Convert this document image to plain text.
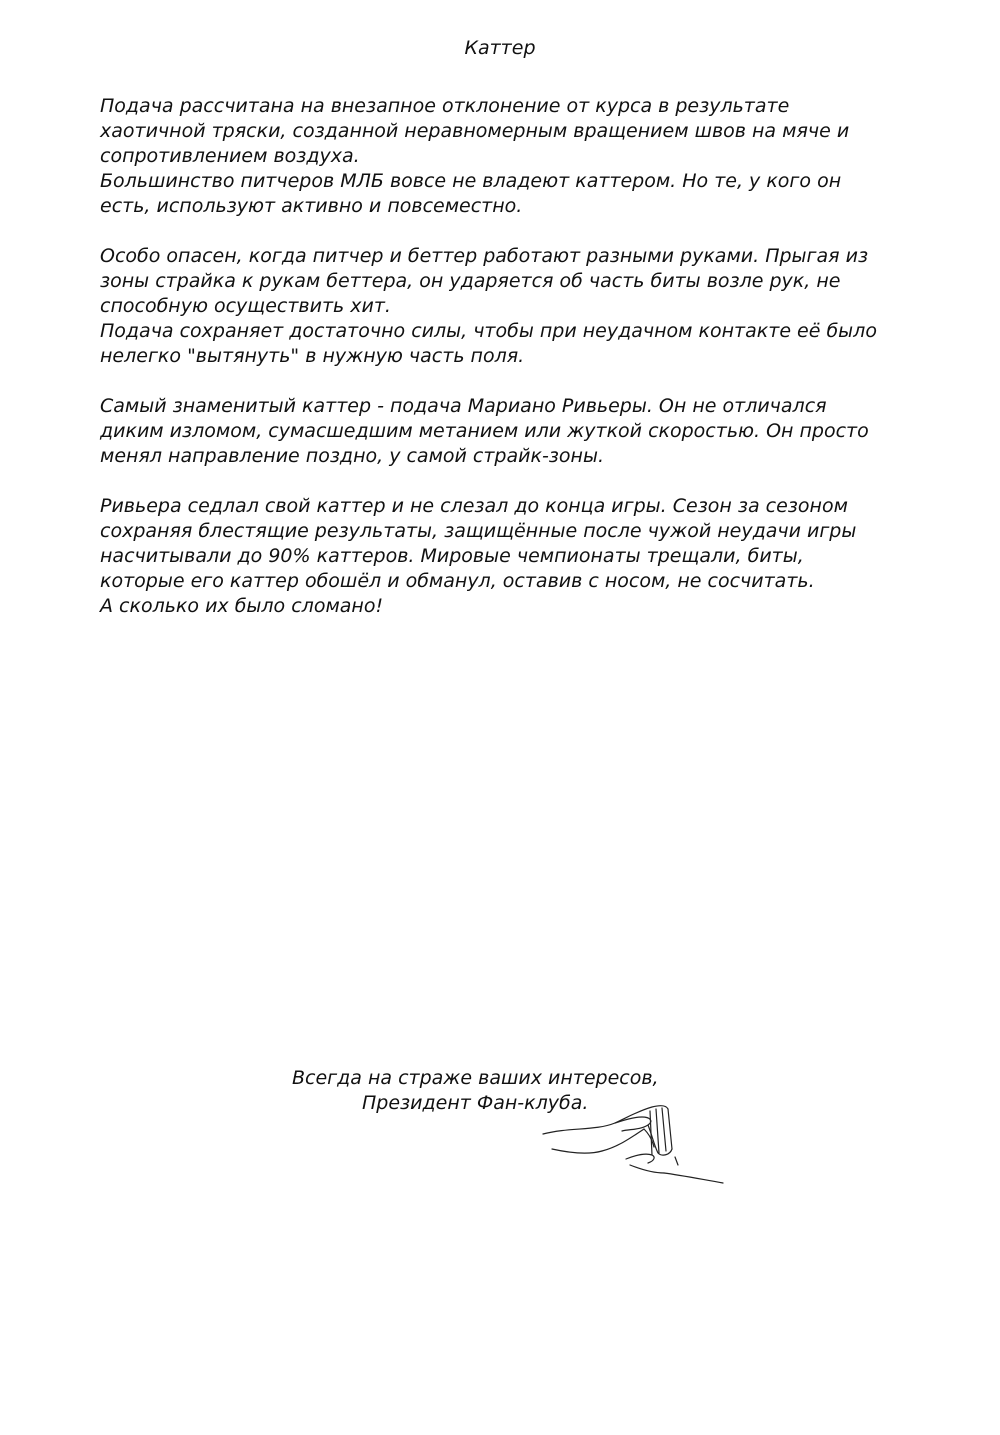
Каттер

Подача рассчитана на внезапное отклонение от курса в результате
хаотичной тряски, созданной неравномерным вращением швов на мяче и
сопротивлением воздуха.
Большинство питчеров МЛБ вовсе не владеют каттером. Но те, у кого он
есть, используют активно и повсеместно.

Особо опасен, когда питчер и беттер работают разными руками. Прыгая из
зоны страйка к рукам беттера, он ударяется об часть биты возле рук, не
способную осуществить хит.
Подача сохраняет достаточно силы, чтобы при неудачном контакте её было
нелегко "вытянуть" в нужную часть поля.

Самый знаменитый каттер - подача Мариано Ривьеры. Он не отличался
диким изломом, сумасшедшим метанием или жуткой скоростью. Он просто
менял направление поздно, у самой страйк-зоны.

Ривьера седлал свой каттер и не слезал до конца игры. Сезон за сезоном
сохраняя блестящие результаты, защищённые после чужой неудачи игры
насчитывали до 90% каттеров. Мировые чемпионаты трещали, биты,
которые его каттер обошёл и обманул, оставив с носом, не сосчитать.
А сколько их было сломано!

Всегда на страже ваших интересов,
Президент Фан-клуба.
